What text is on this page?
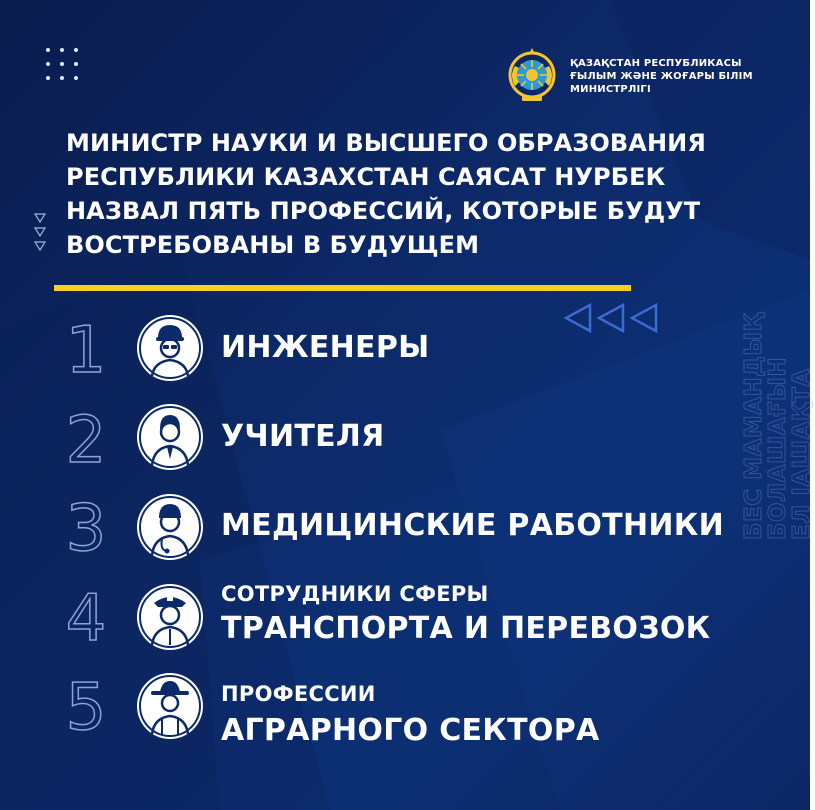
ҚАЗАҚСТАН РЕСПУБЛИКАСЫ
ҒЫЛЫМ ЖӘНЕ ЖОҒАРЫ БІЛІМ
МИНИСТРЛІГІ
МИНИСТР НАУКИ И ВЫСШЕГО ОБРАЗОВАНИЯ
РЕСПУБЛИКИ КАЗАХСТАН САЯСАТ НУРБЕК
НАЗВАЛ ПЯТЬ ПРОФЕССИЙ, КОТОРЫЕ БУДУТ
ВОСТРЕБОВАНЫ В БУДУЩЕМ
БЕС МАМАНДЫҚ
БОЛАШАҒЫН
ЕЛ ІАШАҚТА
1	ИНЖЕНЕРЫ
2	УЧИТЕЛЯ
3	МЕДИЦИНСКИЕ РАБОТНИКИ
4	СОТРУДНИКИ СФЕРЫ
ТРАНСПОРТА И ПЕРЕВОЗОК
5	ПРОФЕССИИ
АГРАРНОГО СЕКТОРА
